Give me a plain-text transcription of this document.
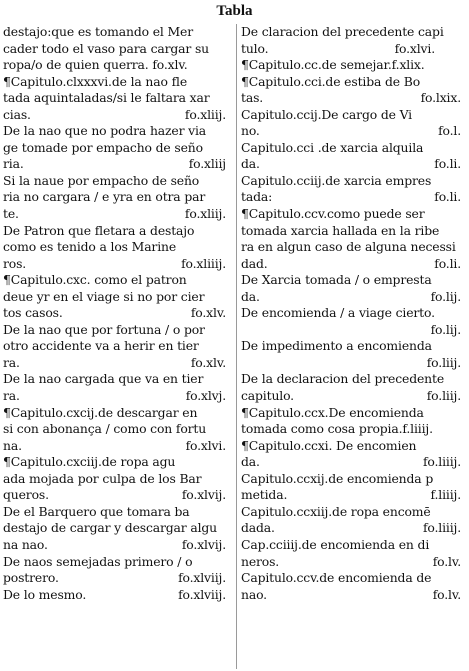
Tabla
destajo:que es tomando el Mer
cader todo el vaso para cargar su
ropa/o de quien querra. fo.xlv.
¶Capitulo.clxxxvi.de la nao fle
tada aquintaladas/si le faltara xar
cias.	fo.xliij.
De la nao que no podra hazer via
ge tomade por empacho de seño
ria.	fo.xliij
Si la naue por empacho de seño
ria no cargara / e yra en otra par
te.	fo.xliij.
De Patron que fletara a destajo
como es tenido a los Marine
ros.	fo.xliiij.
¶Capitulo.cxc. como el patron
deue yr en el viage si no por cier
tos casos.	fo.xlv.
De la nao que por fortuna / o por
otro accidente va a herir en tier
ra.	fo.xlv.
De la nao cargada que va en tier
ra.	fo.xlvj.
¶Capitulo.cxcij.de descargar en
si con abonança / como con fortu
na.	fo.xlvi.
¶Capitulo.cxciij.de ropa agu
ada mojada por culpa de los Bar
queros.	fo.xlvij.
De el Barquero que tomara ba
destajo de cargar y descargar algu
na nao.	fo.xlvij.
De naos semejadas primero / o
postrero.	fo.xlviij.
De lo mesmo.	fo.xlviij.
De claracion del precedente capi
tulo.	fo.xlvi.
¶Capitulo.cc.de semejar.f.xlix.
¶Capitulo.cci.de estiba de Bo
tas.	fo.lxix.
Capitulo.ccij.De cargo de Vi
no.	fo.l.
Capitulo.cci .de xarcia alquila
da.	fo.li.
Capitulo.cciij.de xarcia empres
tada:	fo.li.
¶Capitulo.ccv.como puede ser
tomada xarcia hallada en la ribe
ra en algun caso de alguna necessi
dad.	fo.li.
De Xarcia tomada / o empresta
da.	fo.lij.
De encomienda / a viage cierto.
fo.lij.
De impedimento a encomienda
fo.liij.
De la declaracion del precedente
capitulo.	fo.liij.
¶Capitulo.ccx.De encomienda
tomada como cosa propia.f.liiij.
¶Capitulo.ccxi. De encomien
da.	fo.liiij.
Capitulo.ccxij.de encomienda p
metida.	f.liiij.
Capitulo.ccxiij.de ropa encomē
dada.	fo.liiij.
Cap.cciiij.de encomienda en di
neros.	fo.lv.
Capitulo.ccv.de encomienda de
nao.	fo.lv.
